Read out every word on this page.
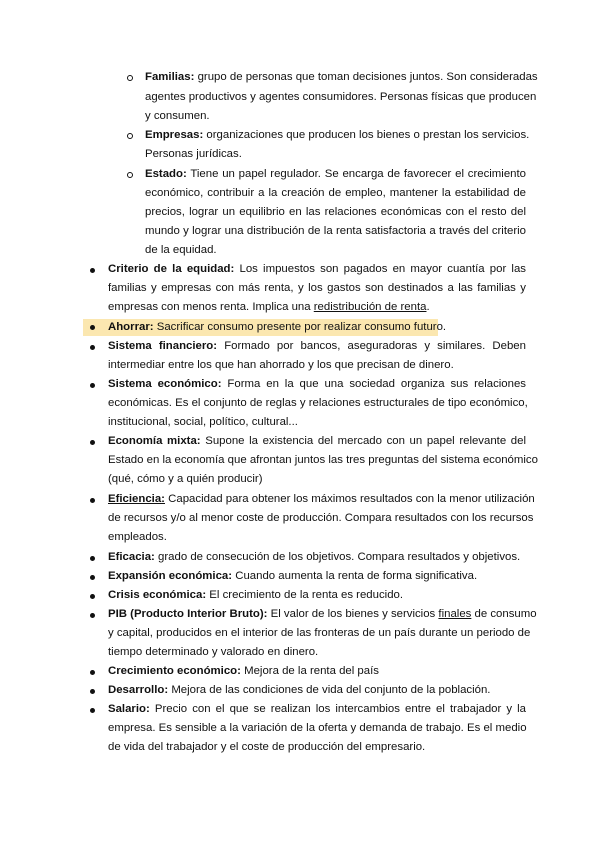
Familias: grupo de personas que toman decisiones juntos. Son consideradas
agentes productivos y agentes consumidores. Personas físicas que producen
y consumen.
Empresas: organizaciones que producen los bienes o prestan los servicios.
Personas jurídicas.
Estado: Tiene un papel regulador. Se encarga de favorecer el crecimiento
económico, contribuir a la creación de empleo, mantener la estabilidad de
precios, lograr un equilibrio en las relaciones económicas con el resto del
mundo y lograr una distribución de la renta satisfactoria a través del criterio
de la equidad.
Criterio de la equidad: Los impuestos son pagados en mayor cuantía por las
familias y empresas con más renta, y los gastos son destinados a las familias y
empresas con menos renta. Implica una redistribución de renta.
Ahorrar: Sacrificar consumo presente por realizar consumo futuro.
Sistema financiero: Formado por bancos, aseguradoras y similares. Deben
intermediar entre los que han ahorrado y los que precisan de dinero.
Sistema económico: Forma en la que una sociedad organiza sus relaciones
económicas. Es el conjunto de reglas y relaciones estructurales de tipo económico,
institucional, social, político, cultural...
Economía mixta: Supone la existencia del mercado con un papel relevante del
Estado en la economía que afrontan juntos las tres preguntas del sistema económico
(qué, cómo y a quién producir)
Eficiencia: Capacidad para obtener los máximos resultados con la menor utilización
de recursos y/o al menor coste de producción. Compara resultados con los recursos
empleados.
Eficacia: grado de consecución de los objetivos. Compara resultados y objetivos.
Expansión económica: Cuando aumenta la renta de forma significativa.
Crisis económica: El crecimiento de la renta es reducido.
PIB (Producto Interior Bruto): El valor de los bienes y servicios finales de consumo
y capital, producidos en el interior de las fronteras de un país durante un periodo de
tiempo determinado y valorado en dinero.
Crecimiento económico: Mejora de la renta del país
Desarrollo: Mejora de las condiciones de vida del conjunto de la población.
Salario: Precio con el que se realizan los intercambios entre el trabajador y la
empresa. Es sensible a la variación de la oferta y demanda de trabajo. Es el medio
de vida del trabajador y el coste de producción del empresario.
